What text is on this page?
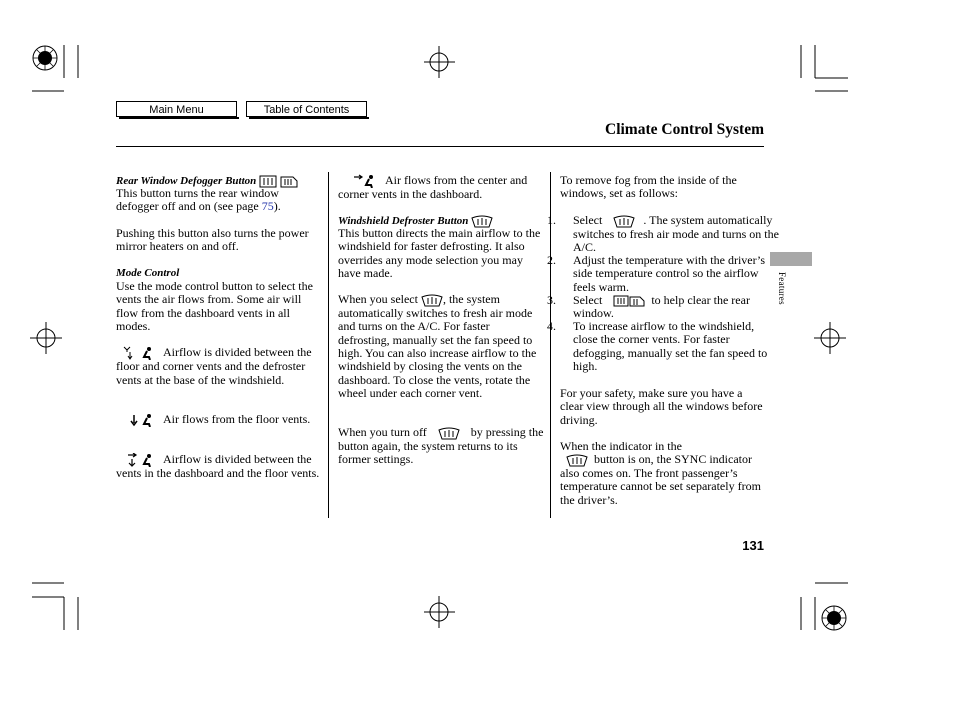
Main Menu	Table of Contents
Climate Control System
Features
Rear Window Defogger Button
This button turns the rear window defogger off and on (see page 75).
Pushing this button also turns the power mirror heaters on and off.
Mode Control
Use the mode control button to select the vents the air flows from. Some air will flow from the dashboard vents in all modes.
Airflow is divided between the floor and corner vents and the defroster vents at the base of the windshield.
Air flows from the floor vents.
Airflow is divided between the vents in the dashboard and the floor vents.
Air flows from the center and corner vents in the dashboard.
Windshield Defroster Button
This button directs the main airflow to the windshield for faster defrosting. It also overrides any mode selection you may have made.
When you select , the system automatically switches to fresh air mode and turns on the A/C. For faster defrosting, manually set the fan speed to high. You can also increase airflow to the windshield by closing the vents on the dashboard. To close the vents, rotate the wheel under each corner vent.
When you turn off	by pressing the button again, the system returns to its former settings.
To remove fog from the inside of the windows, set as follows:
1. Select	. The system automatically switches to fresh air mode and turns on the A/C.
2. Adjust the temperature with the driver’s side temperature control so the airflow feels warm.
3. Select	to help clear the rear window.
4. To increase airflow to the windshield, close the corner vents. For faster defogging, manually set the fan speed to high.
For your safety, make sure you have a clear view through all the windows before driving.
When the indicator in the
button is on, the SYNC indicator also comes on. The front passenger’s temperature cannot be set separately from the driver’s.
131
